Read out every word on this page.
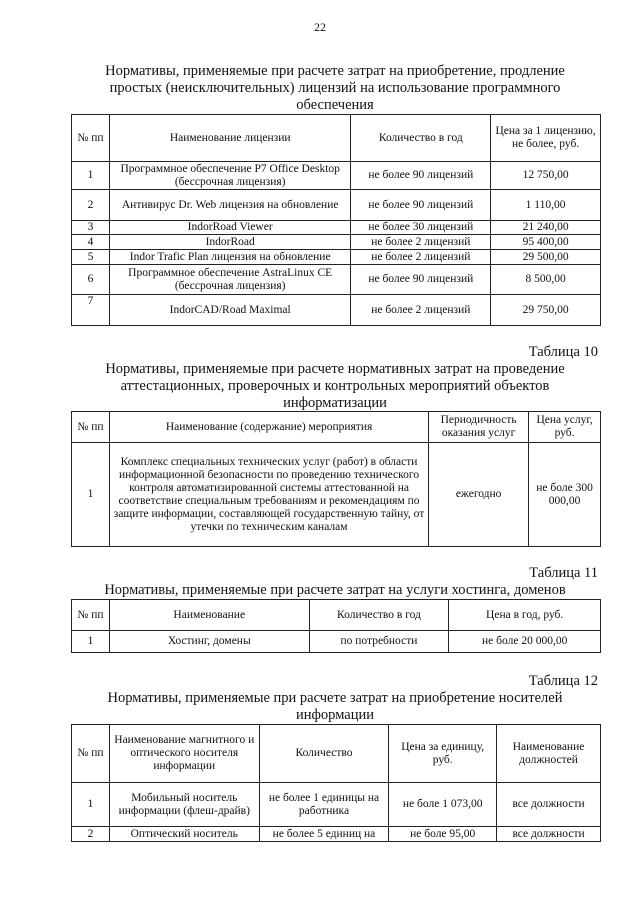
22
Нормативы, применяемые при расчете затрат на приобретение, продление
простых (неисключительных) лицензий на использование программного
обеспечения
№ пп	Наименование лицензии	Количество в год	Цена за 1 лицензию, не более, руб.
1	Программное обеспечение Р7 Office Desktop (бессрочная лицензия)	не более 90 лицензий	12 750,00
2	Антивирус Dr. Web лицензия на обновление	не более 90 лицензий	1 110,00
3	IndorRoad Viewer	не более 30 лицензий	21 240,00
4	IndorRoad	не более 2 лицензий	95 400,00
5	Indor Trafic Plan лицензия на обновление	не более 2 лицензий	29 500,00
6	Программное обеспечение AstraLinux CE (бессрочная лицензия)	не более 90 лицензий	8 500,00
7	IndorCAD/Road Maximal	не более 2 лицензий	29 750,00
Таблица 10
Нормативы, применяемые при расчете нормативных затрат на проведение
аттестационных, проверочных и контрольных мероприятий объектов
информатизации
№ пп	Наименование (содержание) мероприятия	Периодичность оказания услуг	Цена услуг, руб.
1	Комплекс специальных технических услуг (работ) в области информационной безопасности по проведению технического контроля автоматизированной системы аттестованной на соответствие специальным требованиям и рекомендациям по защите информации, составляющей государственную тайну, от утечки по техническим каналам	ежегодно	не боле 300 000,00
Таблица 11
Нормативы, применяемые при расчете затрат на услуги хостинга, доменов
№ пп	Наименование	Количество в год	Цена в год, руб.
1	Хостинг, домены	по потребности	не боле 20 000,00
Таблица 12
Нормативы, применяемые при расчете затрат на приобретение носителей
информации
№ пп	Наименование магнитного и оптического носителя информации	Количество	Цена за единицу, руб.	Наименование должностей
1	Мобильный носитель информации (флеш-драйв)	не более 1 единицы на работника	не боле 1 073,00	все должности
2	Оптический носитель	не более 5 единиц на	не боле 95,00	все должности
